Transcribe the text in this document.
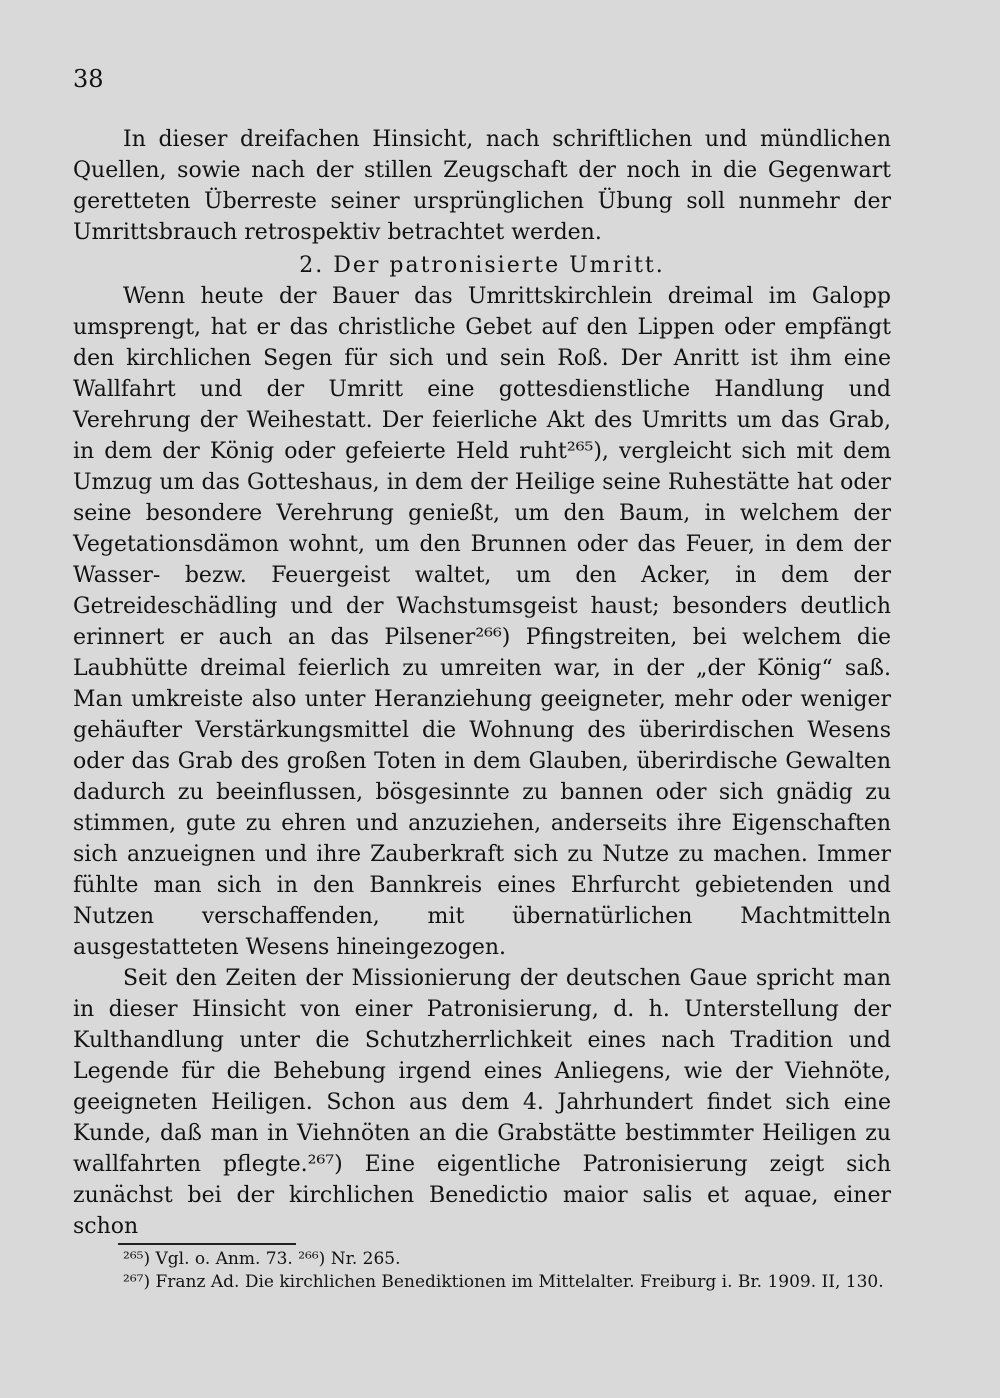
38

In dieser dreifachen Hinsicht, nach schriftlichen und mündlichen Quellen, sowie nach der stillen Zeugschaft der noch in die Gegenwart geretteten Überreste seiner ursprünglichen Übung soll nunmehr der Umrittsbrauch retrospektiv betrachtet werden.

2. Der patronisierte Umritt.

Wenn heute der Bauer das Umrittskirchlein dreimal im Galopp umsprengt, hat er das christliche Gebet auf den Lippen oder empfängt den kirchlichen Segen für sich und sein Roß. Der Anritt ist ihm eine Wallfahrt und der Umritt eine gottesdienstliche Handlung und Verehrung der Weihestatt. Der feierliche Akt des Umritts um das Grab, in dem der König oder gefeierte Held ruht²⁶⁵), vergleicht sich mit dem Umzug um das Gotteshaus, in dem der Heilige seine Ruhestätte hat oder seine besondere Verehrung genießt, um den Baum, in welchem der Vegetationsdämon wohnt, um den Brunnen oder das Feuer, in dem der Wasser- bezw. Feuergeist waltet, um den Acker, in dem der Getreideschädling und der Wachstumsgeist haust; besonders deutlich erinnert er auch an das Pilsener²⁶⁶) Pfingstreiten, bei welchem die Laubhütte dreimal feierlich zu umreiten war, in der „der König“ saß. Man umkreiste also unter Heranziehung geeigneter, mehr oder weniger gehäufter Verstärkungsmittel die Wohnung des überirdischen Wesens oder das Grab des großen Toten in dem Glauben, überirdische Gewalten dadurch zu beeinflussen, bösgesinnte zu bannen oder sich gnädig zu stimmen, gute zu ehren und anzuziehen, anderseits ihre Eigenschaften sich anzueignen und ihre Zauberkraft sich zu Nutze zu machen. Immer fühlte man sich in den Bannkreis eines Ehrfurcht gebietenden und Nutzen verschaffenden, mit übernatürlichen Machtmitteln ausgestatteten Wesens hineingezogen.

Seit den Zeiten der Missionierung der deutschen Gaue spricht man in dieser Hinsicht von einer Patronisierung, d. h. Unterstellung der Kulthandlung unter die Schutzherrlichkeit eines nach Tradition und Legende für die Behebung irgend eines Anliegens, wie der Viehnöte, geeigneten Heiligen. Schon aus dem 4. Jahrhundert findet sich eine Kunde, daß man in Viehnöten an die Grabstätte bestimmter Heiligen zu wallfahrten pflegte.²⁶⁷) Eine eigentliche Patronisierung zeigt sich zunächst bei der kirchlichen Benedictio maior salis et aquae, einer schon

²⁶⁵) Vgl. o. Anm. 73. ²⁶⁶) Nr. 265.

²⁶⁷) Franz Ad. Die kirchlichen Benediktionen im Mittelalter. Freiburg i. Br. 1909. II, 130.
